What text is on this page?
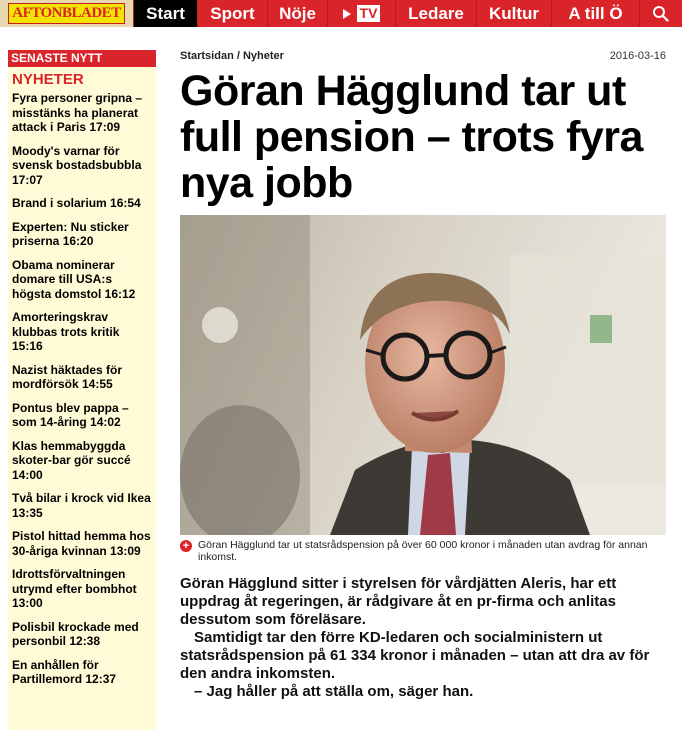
AFTONBLADET	Start	Sport	Nöje	TV	Ledare	Kultur	A till Ö
SENASTE NYTT
NYHETER
Fyra personer gripna – misstänks ha planerat attack i Paris 17:09
Moody's varnar för svensk bostadsbubbla 17:07
Brand i solarium 16:54
Experten: Nu sticker priserna 16:20
Obama nominerar domare till USA:s högsta domstol 16:12
Amorteringskrav klubbas trots kritik 15:16
Nazist häktades för mordförsök 14:55
Pontus blev pappa – som 14-åring 14:02
Klas hemmabyggda skoter-bar gör succé 14:00
Två bilar i krock vid Ikea 13:35
Pistol hittad hemma hos 30-åriga kvinnan 13:09
Idrottsförvaltningen utrymd efter bombhot 13:00
Polisbil krockade med personbil 12:38
En anhållen för Partillemord 12:37
Startsidan / Nyheter	2016-03-16
Göran Hägglund tar ut full pension – trots fyra nya jobb
+ Göran Hägglund tar ut statsrådspension på över 60 000 kronor i månaden utan avdrag för annan inkomst.

Göran Hägglund sitter i styrelsen för vårdjätten Aleris, har ett uppdrag åt regeringen, är rådgivare åt en pr-firma och anlitas dessutom som föreläsare.

Samtidigt tar den förre KD-ledaren och socialministern ut statsrådspension på 61 334 kronor i månaden – utan att dra av för den andra inkomsten.

– Jag håller på att ställa om, säger han.
